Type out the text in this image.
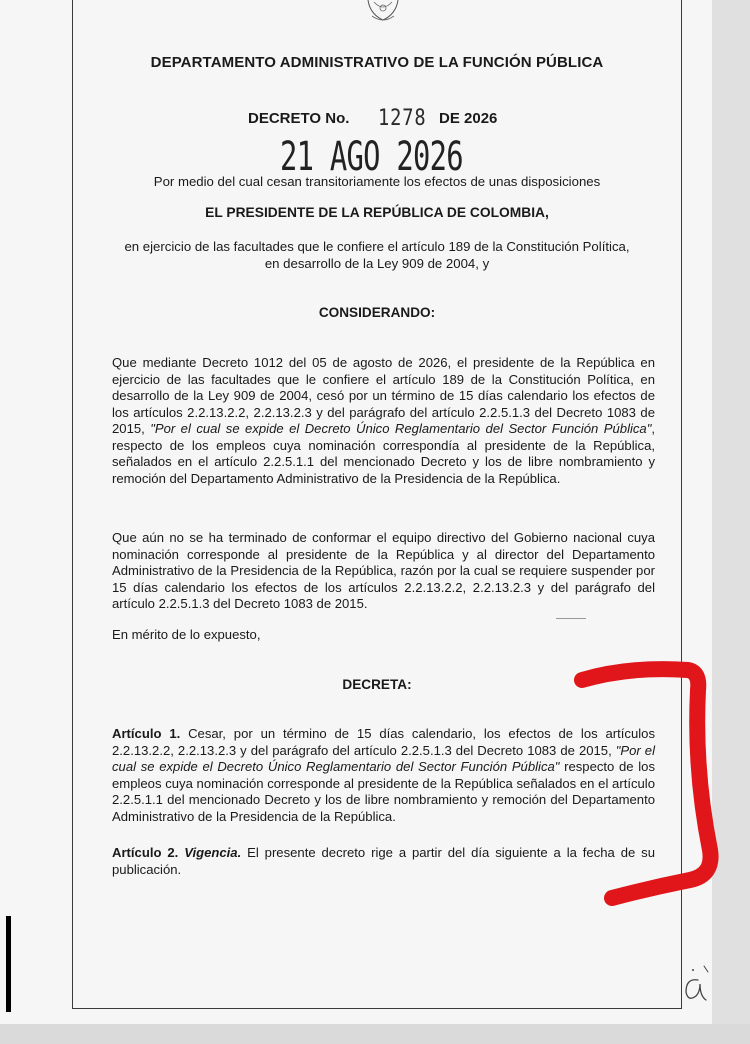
DEPARTAMENTO ADMINISTRATIVO DE LA FUNCIÓN PÚBLICA
DECRETO No. 1278 DE 2026
21 AGO 2026
Por medio del cual cesan transitoriamente los efectos de unas disposiciones
EL PRESIDENTE DE LA REPÚBLICA DE COLOMBIA,
en ejercicio de las facultades que le confiere el artículo 189 de la Constitución Política,
en desarrollo de la Ley 909 de 2004, y
CONSIDERANDO:
Que mediante Decreto 1012 del 05 de agosto de 2026, el presidente de la República en ejercicio de las facultades que le confiere el artículo 189 de la Constitución Política, en desarrollo de la Ley 909 de 2004, cesó por un término de 15 días calendario los efectos de los artículos 2.2.13.2.2, 2.2.13.2.3 y del parágrafo del artículo 2.2.5.1.3 del Decreto 1083 de 2015, "Por el cual se expide el Decreto Único Reglamentario del Sector Función Pública", respecto de los empleos cuya nominación correspondía al presidente de la República, señalados en el artículo 2.2.5.1.1 del mencionado Decreto y los de libre nombramiento y remoción del Departamento Administrativo de la Presidencia de la República.
Que aún no se ha terminado de conformar el equipo directivo del Gobierno nacional cuya nominación corresponde al presidente de la República y al director del Departamento Administrativo de la Presidencia de la República, razón por la cual se requiere suspender por 15 días calendario los efectos de los artículos 2.2.13.2.2, 2.2.13.2.3 y del parágrafo del artículo 2.2.5.1.3 del Decreto 1083 de 2015.
En mérito de lo expuesto,
DECRETA:
Artículo 1. Cesar, por un término de 15 días calendario, los efectos de los artículos 2.2.13.2.2, 2.2.13.2.3 y del parágrafo del artículo 2.2.5.1.3 del Decreto 1083 de 2015, "Por el cual se expide el Decreto Único Reglamentario del Sector Función Pública" respecto de los empleos cuya nominación corresponde al presidente de la República señalados en el artículo 2.2.5.1.1 del mencionado Decreto y los de libre nombramiento y remoción del Departamento Administrativo de la Presidencia de la República.
Artículo 2. Vigencia. El presente decreto rige a partir del día siguiente a la fecha de su publicación.
